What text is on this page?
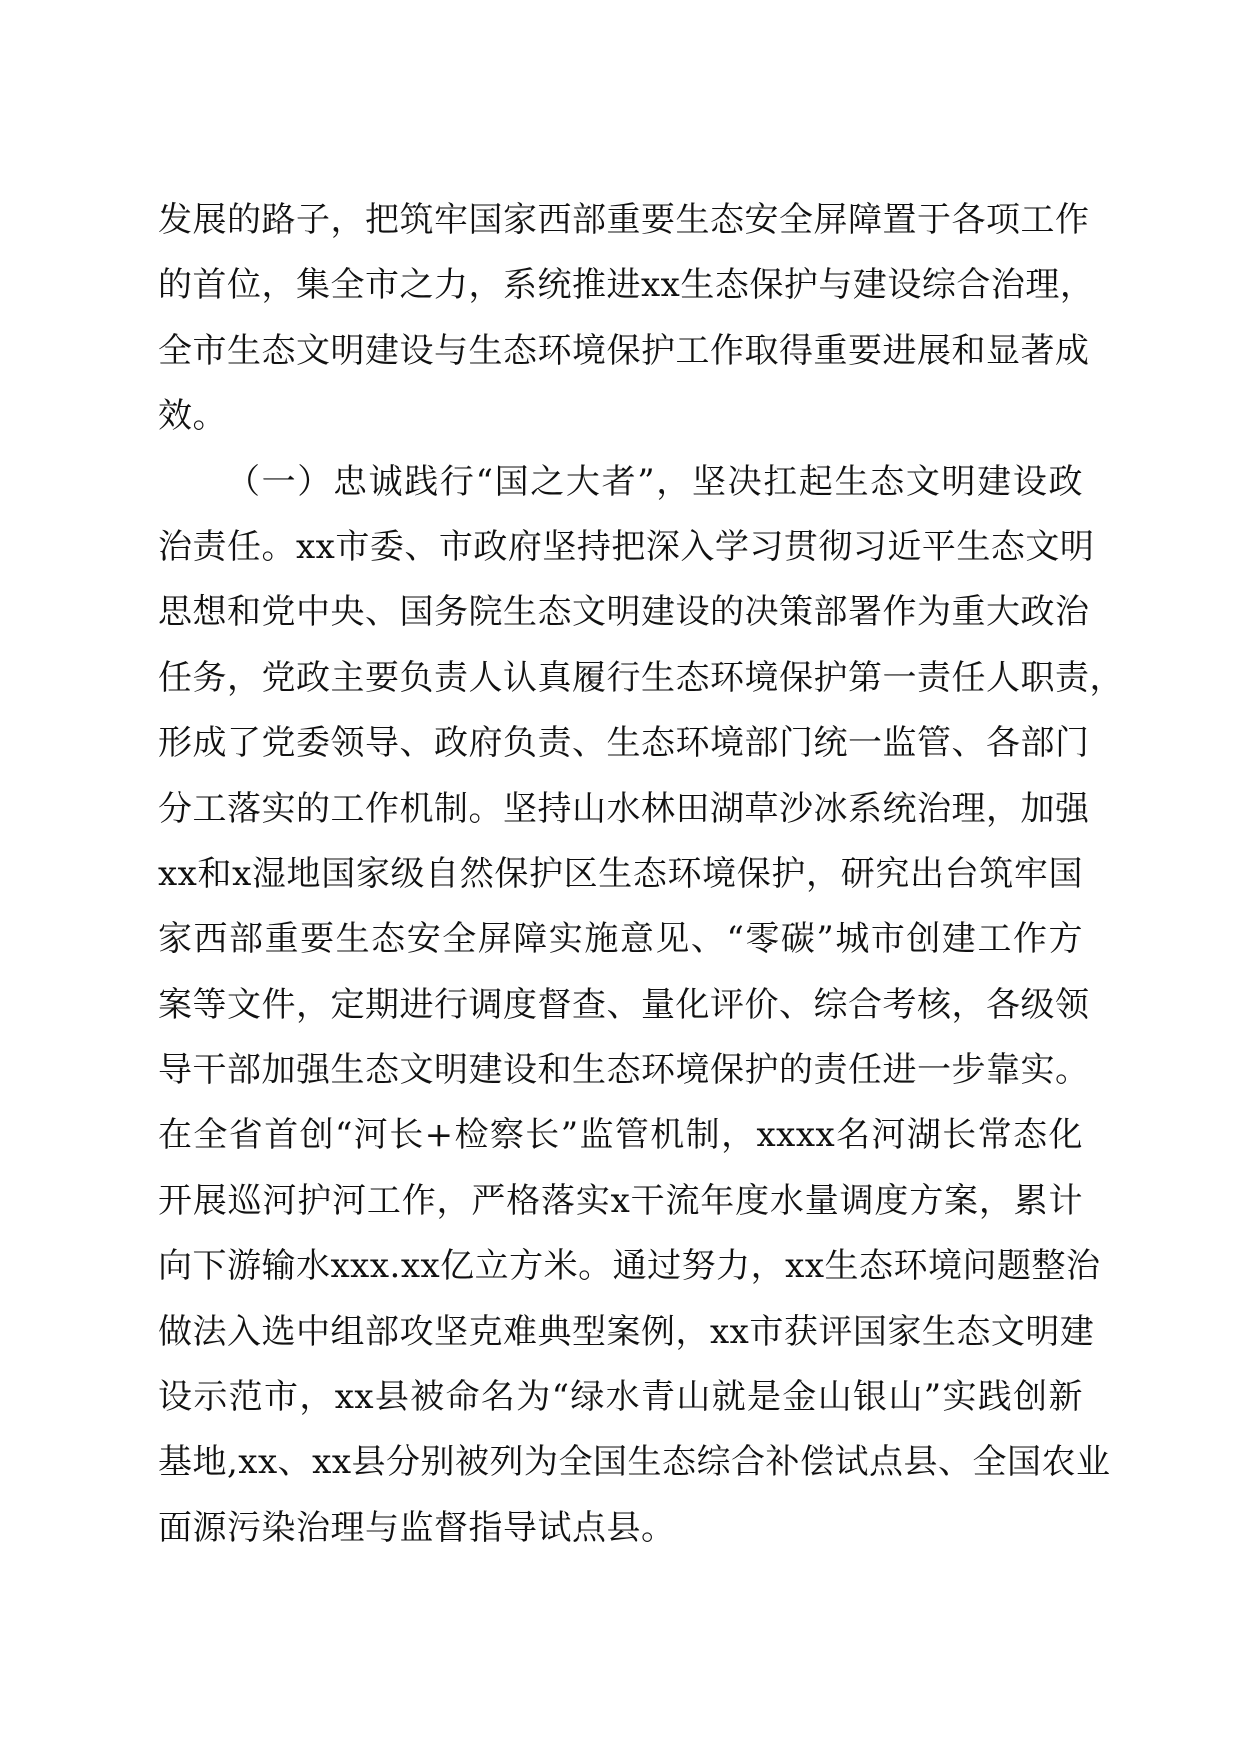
发展的路子，把筑牢国家西部重要生态安全屏障置于各项工作
的首位，集全市之力，系统推进xx生态保护与建设综合治理，
全市生态文明建设与生态环境保护工作取得重要进展和显著成
效。
（一）忠诚践行“国之大者”，坚决扛起生态文明建设政
治责任。xx市委、市政府坚持把深入学习贯彻习近平生态文明
思想和党中央、国务院生态文明建设的决策部署作为重大政治
任务，党政主要负责人认真履行生态环境保护第一责任人职责，
形成了党委领导、政府负责、生态环境部门统一监管、各部门
分工落实的工作机制。坚持山水林田湖草沙冰系统治理，加强
xx和x湿地国家级自然保护区生态环境保护，研究出台筑牢国
家西部重要生态安全屏障实施意见、“零碳”城市创建工作方
案等文件，定期进行调度督查、量化评价、综合考核，各级领
导干部加强生态文明建设和生态环境保护的责任进一步靠实。
在全省首创“河长+检察长”监管机制，xxxx名河湖长常态化
开展巡河护河工作，严格落实x干流年度水量调度方案，累计
向下游输水xxx.xx亿立方米。通过努力，xx生态环境问题整治
做法入选中组部攻坚克难典型案例，xx市获评国家生态文明建
设示范市，xx县被命名为“绿水青山就是金山银山”实践创新
基地,xx、xx县分别被列为全国生态综合补偿试点县、全国农业
面源污染治理与监督指导试点县。
